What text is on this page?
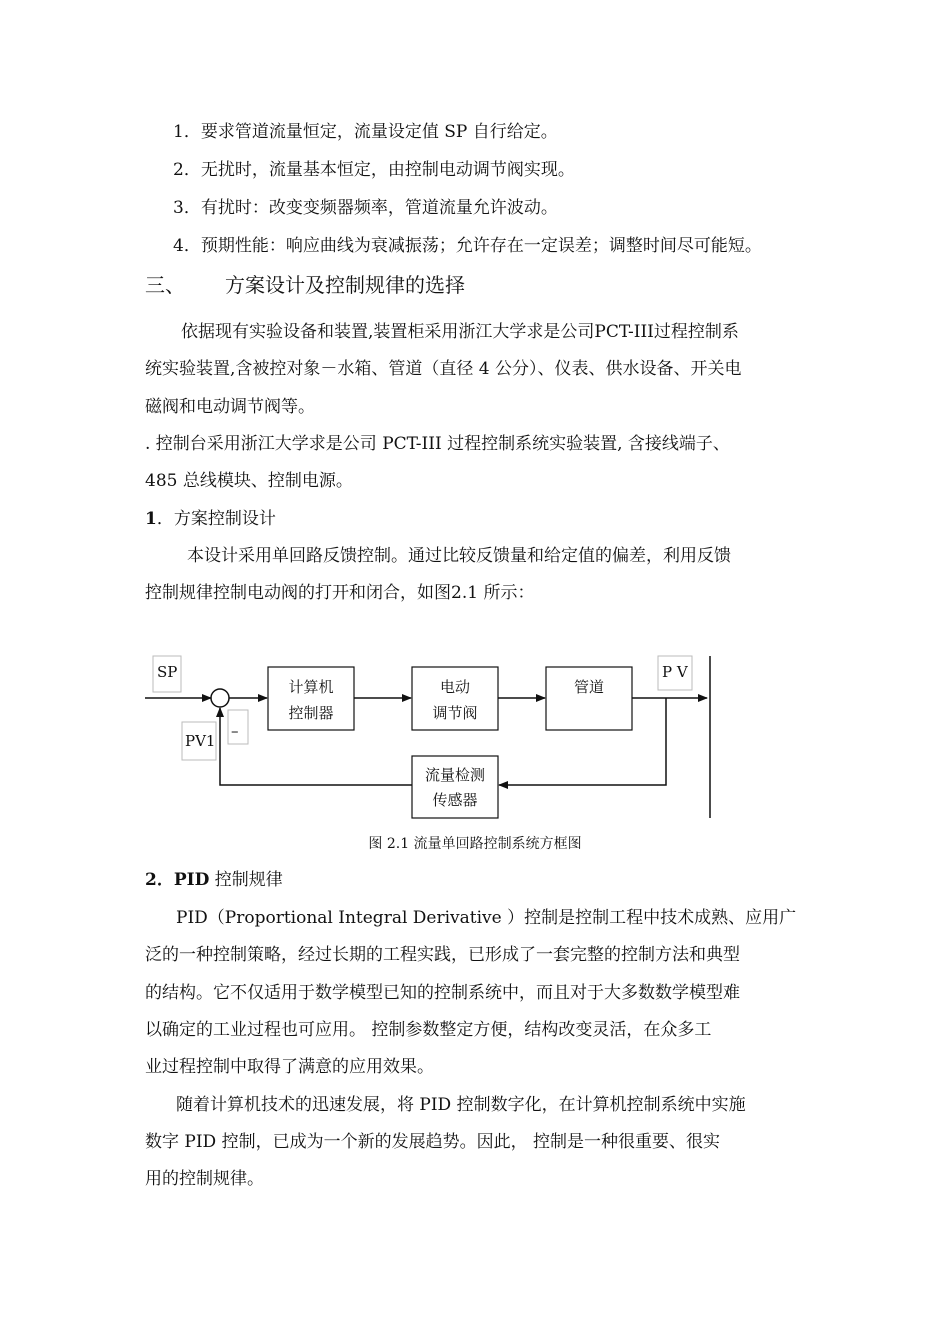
1．要求管道流量恒定，流量设定值 SP 自行给定。
2．无扰时，流量基本恒定，由控制电动调节阀实现。
3．有扰时：改变变频器频率，管道流量允许波动。
4．预期性能：响应曲线为衰减振荡；允许存在一定误差；调整时间尽可能短。
三、 方案设计及控制规律的选择
依据现有实验设备和装置,装置柜采用浙江大学求是公司PCT-III过程控制系
统实验装置,含被控对象－水箱、管道（直径 4 公分）、仪表、供水设备、开关电
磁阀和电动调节阀等。
. 控制台采用浙江大学求是公司 PCT-III 过程控制系统实验装置, 含接线端子、
485 总线模块、控制电源。
1．方案控制设计
本设计采用单回路反馈控制。通过比较反馈量和给定值的偏差，利用反馈
控制规律控制电动阀的打开和闭合，如图2.1 所示：
SP
–
PV1
计算机
控制器
电动
调节阀
管道
P V
流量检测
传感器
图 2.1 流量单回路控制系统方框图
2．PID 控制规律
PID（Proportional Integral Derivative ）控制是控制工程中技术成熟、应用广
泛的一种控制策略，经过长期的工程实践，已形成了一套完整的控制方法和典型
的结构。它不仅适用于数学模型已知的控制系统中，而且对于大多数数学模型难
以确定的工业过程也可应用。 控制参数整定方便，结构改变灵活，在众多工
业过程控制中取得了满意的应用效果。
随着计算机技术的迅速发展，将 PID 控制数字化，在计算机控制系统中实施
数字 PID 控制，已成为一个新的发展趋势。因此， 控制是一种很重要、很实
用的控制规律。
